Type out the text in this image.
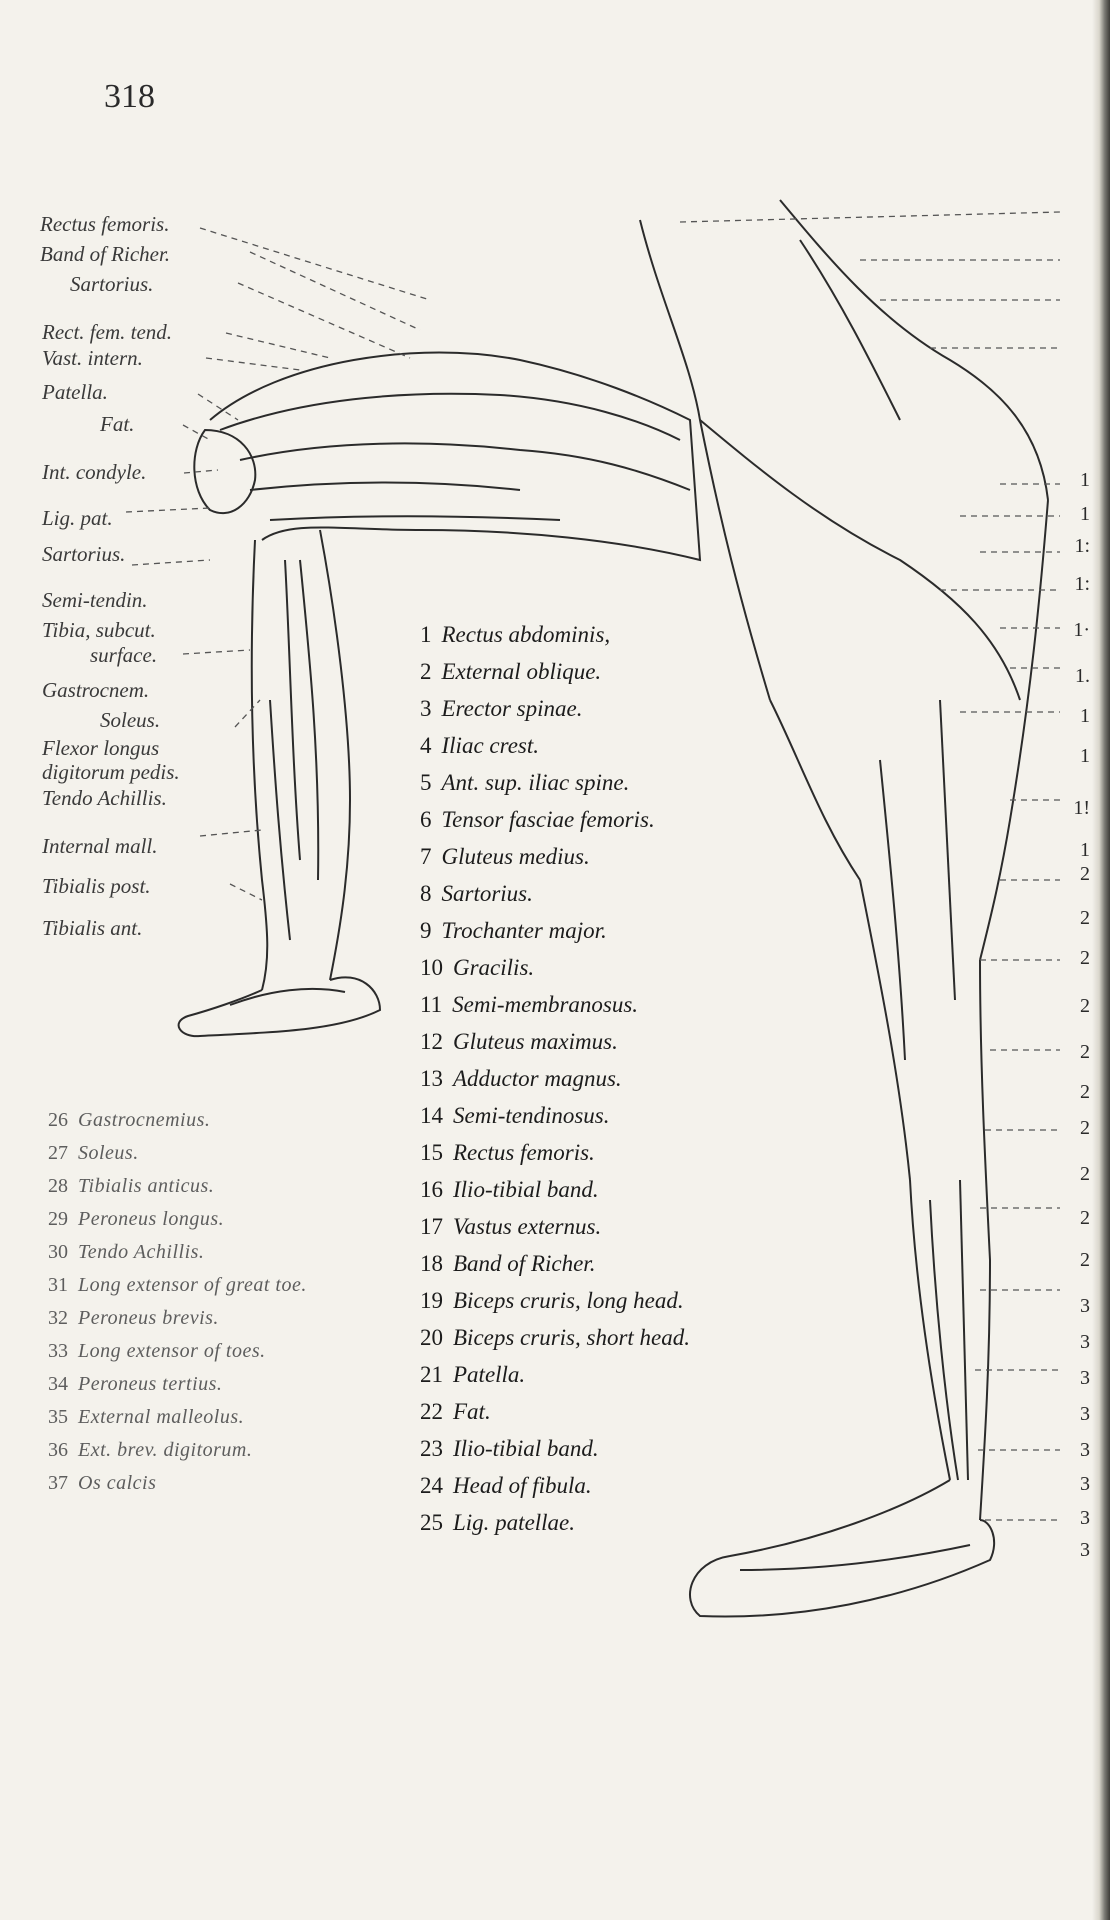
318
Rectus femoris.
Band of Richer.
Sartorius.
Rect. fem. tend.
Vast. intern.
Patella.
Fat.
Int. condyle.
Lig. pat.
Sartorius.
Semi-tendin.
Tibia, subcut.
surface.
Gastrocnem.
Soleus.
Flexor longus
digitorum pedis.
Tendo Achillis.
Internal mall.
Tibialis post.
Tibialis ant.
1 Rectus abdominis,
2 External oblique.
3 Erector spinae.
4 Iliac crest.
5 Ant. sup. iliac spine.
6 Tensor fasciae femoris.
7 Gluteus medius.
8 Sartorius.
9 Trochanter major.
10 Gracilis.
11 Semi-membranosus.
12 Gluteus maximus.
13 Adductor magnus.
14 Semi-tendinosus.
15 Rectus femoris.
16 Ilio-tibial band.
17 Vastus externus.
18 Band of Richer.
19 Biceps cruris, long head.
20 Biceps cruris, short head.
21 Patella.
22 Fat.
23 Ilio-tibial band.
24 Head of fibula.
25 Lig. patellae.
26 Gastrocnemius.
27 Soleus.
28 Tibialis anticus.
29 Peroneus longus.
30 Tendo Achillis.
31 Long extensor of great toe.
32 Peroneus brevis.
33 Long extensor of toes.
34 Peroneus tertius.
35 External malleolus.
36 Ext. brev. digitorum.
37 Os calcis
1
1
1:
1:
1·
1.
1
1
1!
1
2
2
2
2
2
2
2
2
2
2
3
3
3
3
3
3
3
3
